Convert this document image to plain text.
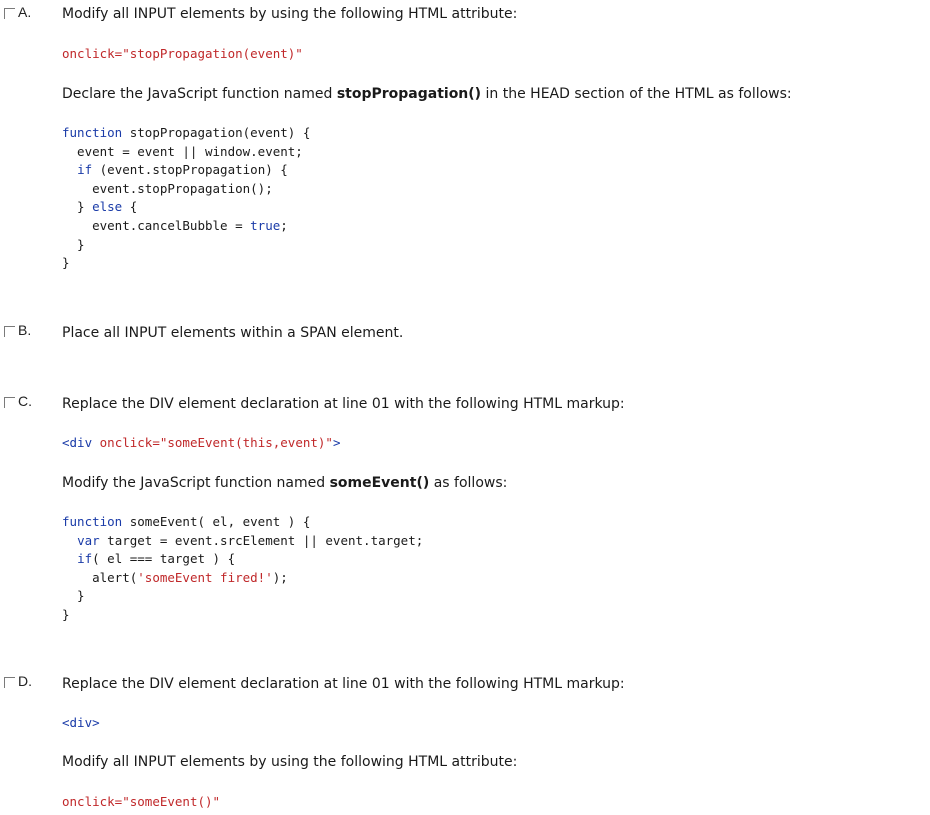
A. Modify all INPUT elements by using the following HTML attribute:
onclick="stopPropagation(event)"
Declare the JavaScript function named stopPropagation() in the HEAD section of the HTML as follows:
function stopPropagation(event) {
event = event || window.event;
if (event.stopPropagation) {
event.stopPropagation();
} else {
event.cancelBubble = true;
}
}
B. Place all INPUT elements within a SPAN element.
C. Replace the DIV element declaration at line 01 with the following HTML markup:
<div onclick="someEvent(this,event)">
Modify the JavaScript function named someEvent() as follows:
function someEvent( el, event ) {
var target = event.srcElement || event.target;
if( el === target ) {
alert('someEvent fired!');
}
}
D. Replace the DIV element declaration at line 01 with the following HTML markup:
<div>
Modify all INPUT elements by using the following HTML attribute:
onclick="someEvent()"
